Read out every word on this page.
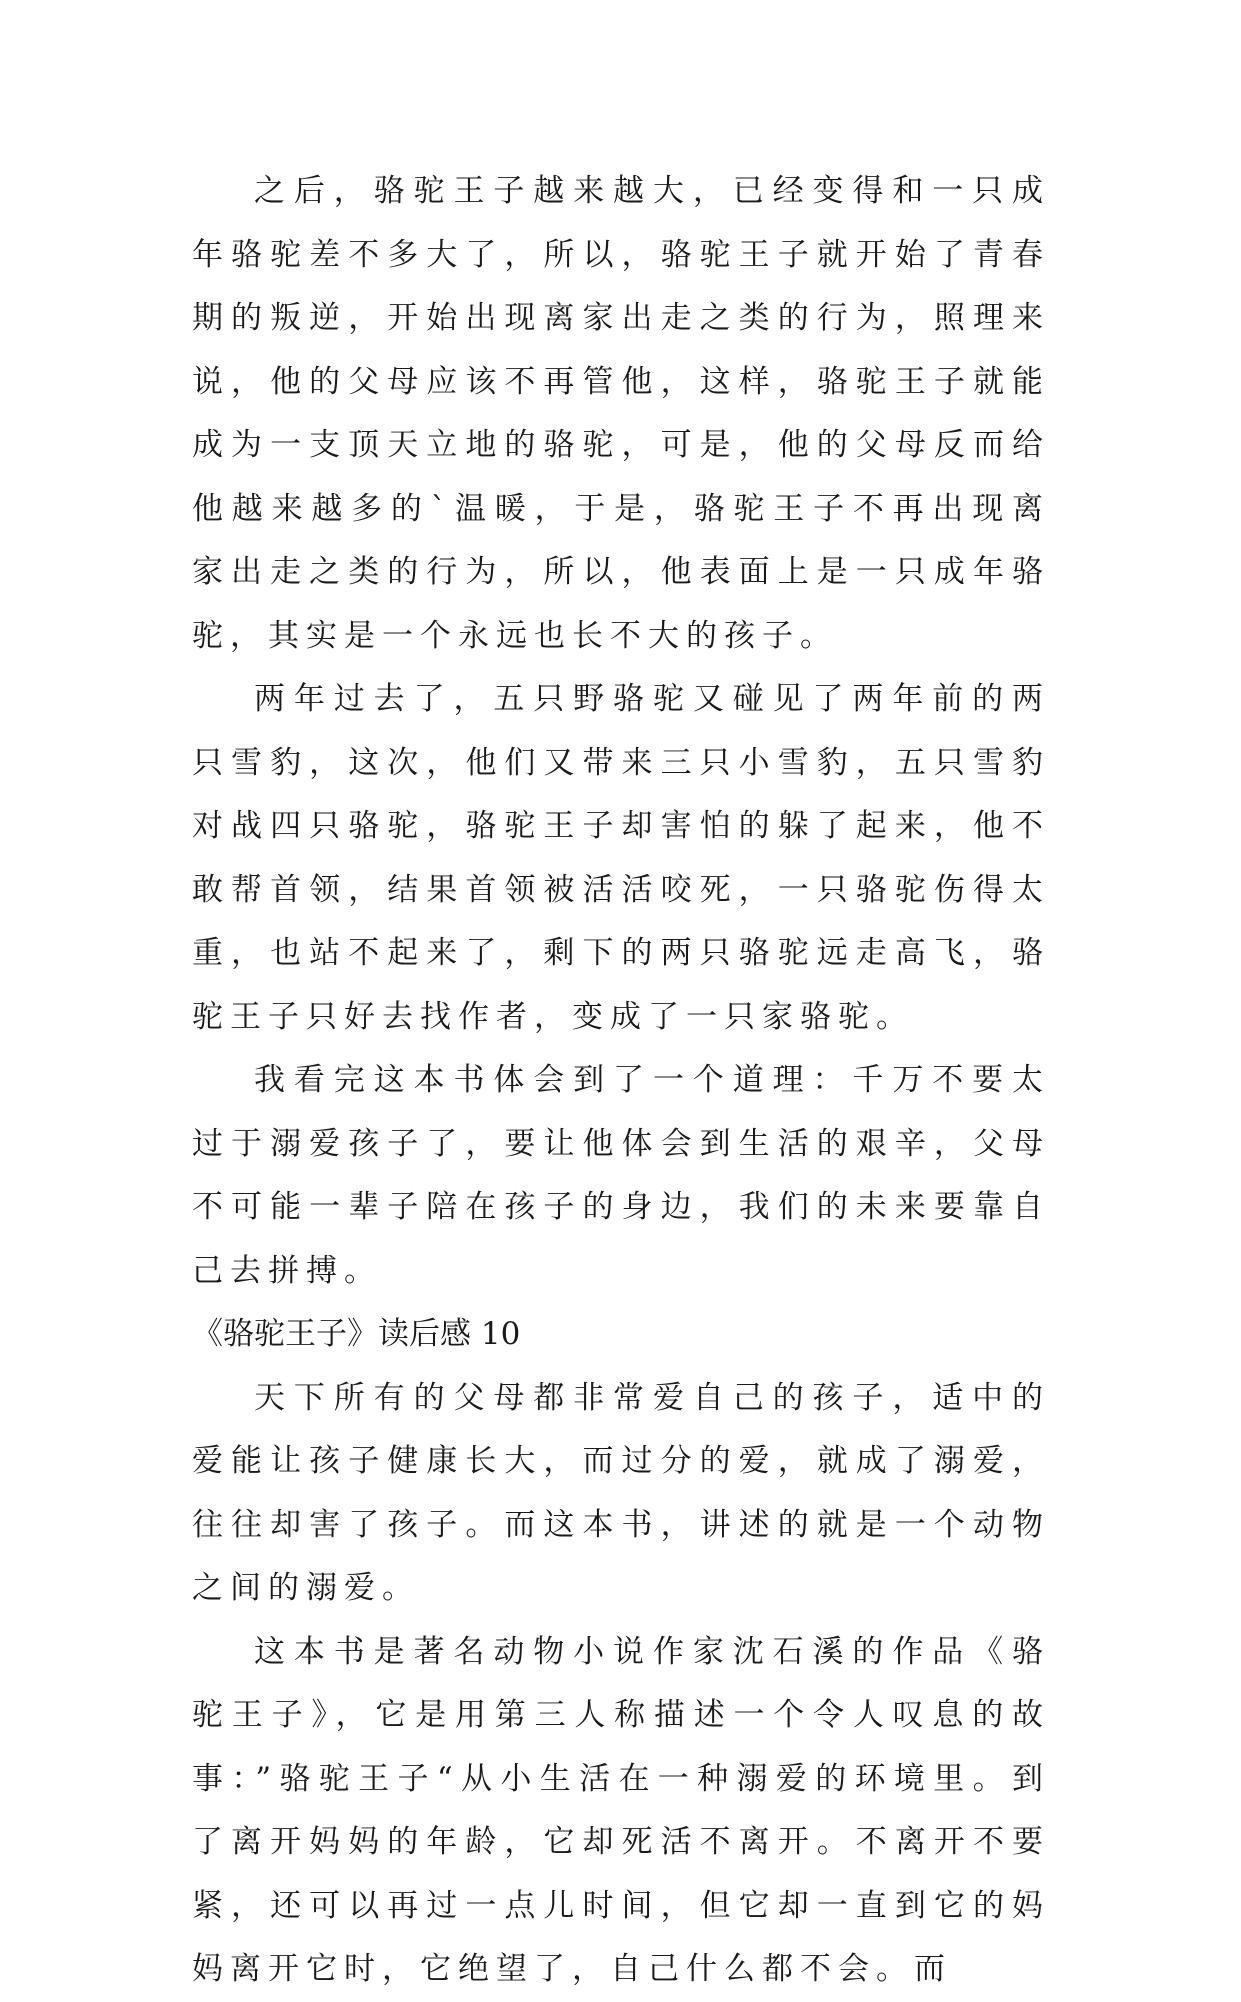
之后，骆驼王子越来越大，已经变得和一只成年骆驼差不多大了，所以，骆驼王子就开始了青春期的叛逆，开始出现离家出走之类的行为，照理来说，他的父母应该不再管他，这样，骆驼王子就能成为一支顶天立地的骆驼，可是，他的父母反而给他越来越多的`温暖，于是，骆驼王子不再出现离家出走之类的行为，所以，他表面上是一只成年骆驼，其实是一个永远也长不大的孩子。

两年过去了，五只野骆驼又碰见了两年前的两只雪豹，这次，他们又带来三只小雪豹，五只雪豹对战四只骆驼，骆驼王子却害怕的躲了起来，他不敢帮首领，结果首领被活活咬死，一只骆驼伤得太重，也站不起来了，剩下的两只骆驼远走高飞，骆驼王子只好去找作者，变成了一只家骆驼。

我看完这本书体会到了一个道理：千万不要太过于溺爱孩子了，要让他体会到生活的艰辛，父母不可能一辈子陪在孩子的身边，我们的未来要靠自己去拼搏。

《骆驼王子》读后感 10

天下所有的父母都非常爱自己的孩子，适中的爱能让孩子健康长大，而过分的爱，就成了溺爱，往往却害了孩子。而这本书，讲述的就是一个动物之间的溺爱。

这本书是著名动物小说作家沈石溪的作品《骆驼王子》，它是用第三人称描述一个令人叹息的故事：”骆驼王子“从小生活在一种溺爱的环境里。到了离开妈妈的年龄，它却死活不离开。不离开不要紧，还可以再过一点儿时间，但它却一直到它的妈妈离开它时，它绝望了，自己什么都不会。而
